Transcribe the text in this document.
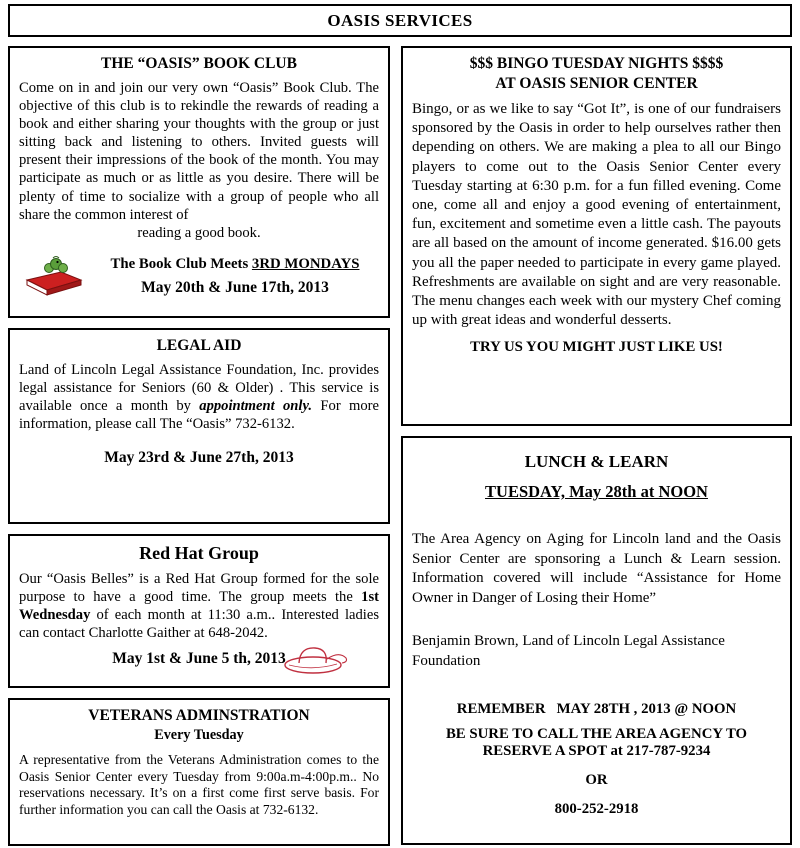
OASIS SERVICES
THE “OASIS” BOOK CLUB

Come on in and join our very own “Oasis” Book Club. The objective of this club is to rekindle the rewards of reading a book and either sharing your thoughts with the group or just sitting back and listening to others. Invited guests will present their impressions of the book of the month. You may participate as much or as little as you desire. There will be plenty of time to socialize with a group of people who all share the common interest of

reading a good book.
The Book Club Meets 3RD MONDAYS
May 20th & June 17th, 2013
LEGAL AID

Land of Lincoln Legal Assistance Foundation, Inc. provides legal assistance for Seniors (60 & Older) . This service is available once a month by appointment only. For more information, please call The “Oasis” 732-6132.

May 23rd & June 27th, 2013
Red Hat Group

Our “Oasis Belles” is a Red Hat Group formed for the sole purpose to have a good time. The group meets the 1st Wednesday of each month at 11:30 a.m.. Interested ladies can contact Charlotte Gaither at 648-2042.

May 1st & June 5 th, 2013
VETERANS ADMINSTRATION
Every Tuesday

A representative from the Veterans Administration comes to the Oasis Senior Center every Tuesday from 9:00a.m-4:00p.m.. No reservations necessary. It’s on a first come first serve basis. For further information you can call the Oasis at 732-6132.

$$$ BINGO TUESDAY NIGHTS $$$$
AT OASIS SENIOR CENTER

Bingo, or as we like to say “Got It”, is one of our fundraisers sponsored by the Oasis in order to help ourselves rather then depending on others. We are making a plea to all our Bingo players to come out to the Oasis Senior Center every Tuesday starting at 6:30 p.m. for a fun filled evening. Come one, come all and enjoy a good evening of entertainment, fun, excitement and sometime even a little cash. The payouts are all based on the amount of income generated. $16.00 gets you all the paper needed to participate in every game played. Refreshments are available on sight and are very reasonable. The menu changes each week with our mystery Chef coming up with great ideas and wonderful desserts.

TRY US YOU MIGHT JUST LIKE US!
LUNCH & LEARN
TUESDAY, May 28th at NOON

The Area Agency on Aging for Lincoln land and the Oasis Senior Center are sponsoring a Lunch & Learn session. Information covered will include “Assistance for Home Owner in Danger of Losing their Home”

Benjamin Brown, Land of Lincoln Legal Assistance Foundation

REMEMBER   MAY 28TH , 2013 @ NOON
BE SURE TO CALL THE AREA AGENCY TO RESERVE A SPOT at 217-787-9234
OR
800-252-2918
